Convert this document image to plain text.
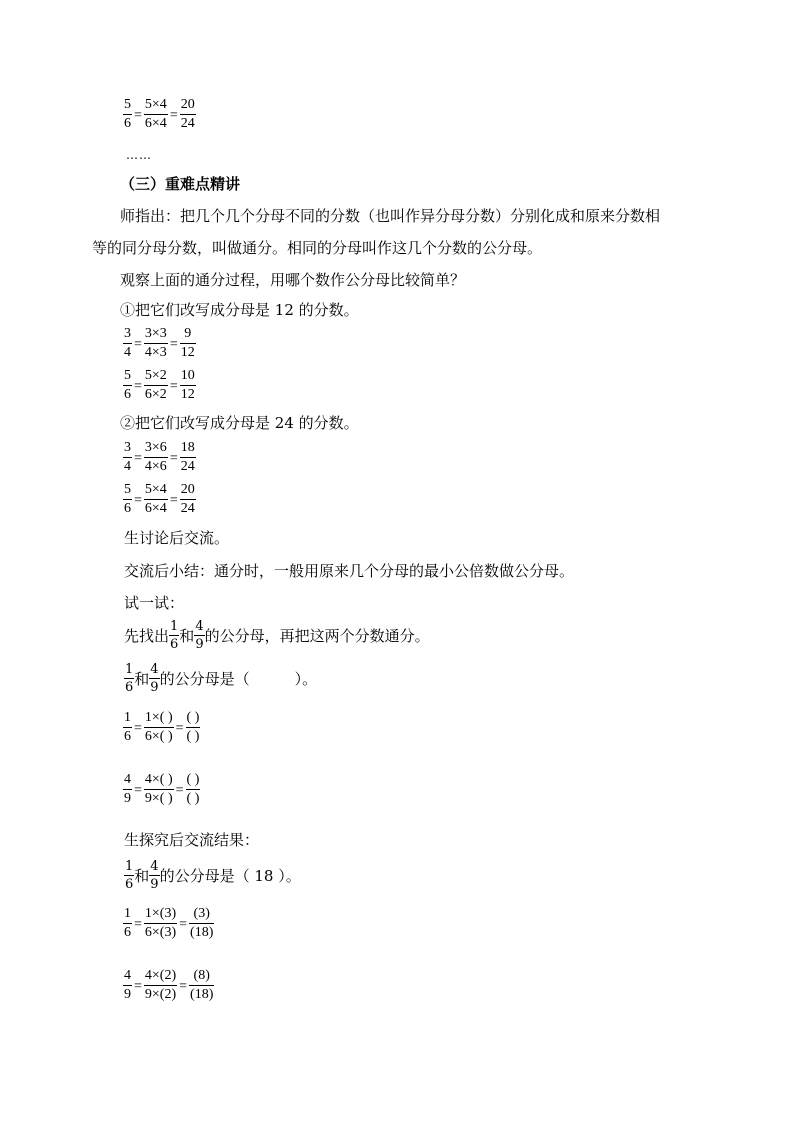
$\frac{5}{6} = \frac{5\times 4}{6\times 4} = \frac{20}{24}$
……
（三）重难点精讲
师指出：把几个几个分母不同的分数（也叫作异分母分数）分别化成和原来分数相
等的同分母分数，叫做通分。相同的分母叫作这几个分数的公分母。
观察上面的通分过程，用哪个数作公分母比较简单？
①把它们改写成分母是 12 的分数。
$\frac{3}{4} = \frac{3\times 3}{4\times 3} = \frac{9}{12}$
$\frac{5}{6} = \frac{5\times 2}{6\times 2} = \frac{10}{12}$
②把它们改写成分母是 24 的分数。
$\frac{3}{4} = \frac{3\times 6}{4\times 6} = \frac{18}{24}$
$\frac{5}{6} = \frac{5\times 4}{6\times 4} = \frac{20}{24}$
生讨论后交流。
交流后小结：通分时，一般用原来几个分母的最小公倍数做公分母。
试一试：
先找出 $\frac{1}{6}$ 和 $\frac{4}{9}$ 的公分母，再把这两个分数通分。
$\frac{1}{6}$ 和 $\frac{4}{9}$ 的公分母是（　　　）。
$\frac{1}{6} = \frac{1\times( )}{6\times( )} = \frac{( )}{( )}$
$\frac{4}{9} = \frac{4\times( )}{9\times( )} = \frac{( )}{( )}$
生探究后交流结果：
$\frac{1}{6}$ 和 $\frac{4}{9}$ 的公分母是（ 18 ）。
$\frac{1}{6} = \frac{1\times(3)}{6\times(3)} = \frac{(3)}{(18)}$
$\frac{4}{9} = \frac{4\times(2)}{9\times(2)} = \frac{(8)}{(18)}$
